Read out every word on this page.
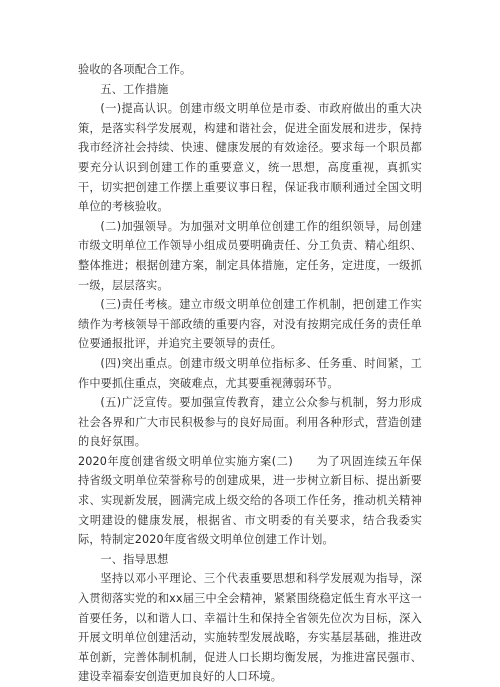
验收的各项配合工作。

五、工作措施

(一)提高认识。创建市级文明单位是市委、市政府做出的重大决策，是落实科学发展观，构建和谐社会，促进全面发展和进步，保持我市经济社会持续、快速、健康发展的有效途径。要求每一个职员都要充分认识到创建工作的重要意义，统一思想，高度重视，真抓实干，切实把创建工作摆上重要议事日程，保证我市顺利通过全国文明单位的考核验收。

(二)加强领导。为加强对文明单位创建工作的组织领导，局创建市级文明单位工作领导小组成员要明确责任、分工负责、精心组织、整体推进；根据创建方案，制定具体措施，定任务，定进度，一级抓一级，层层落实。

(三)责任考核。建立市级文明单位创建工作机制，把创建工作实绩作为考核领导干部政绩的重要内容，对没有按期完成任务的责任单位要通报批评，并追究主要领导的责任。

(四)突出重点。创建市级文明单位指标多、任务重、时间紧，工作中要抓住重点，突破难点，尤其要重视薄弱环节。

(五)广泛宣传。要加强宣传教育，建立公众参与机制，努力形成社会各界和广大市民积极参与的良好局面。利用各种形式，营造创建的良好氛围。

2020年度创建省级文明单位实施方案(二)　　为了巩固连续五年保持省级文明单位荣誉称号的创建成果，进一步树立新目标、提出新要求、实现新发展，圆满完成上级交给的各项工作任务，推动机关精神文明建设的健康发展，根据省、市文明委的有关要求，结合我委实际，特制定2020年度省级文明单位创建工作计划。

一、指导思想

坚持以邓小平理论、三个代表重要思想和科学发展观为指导，深入贯彻落实党的和xx届三中全会精神，紧紧围绕稳定低生育水平这一首要任务，以和谐人口、幸福计生和保持全省领先位次为目标，深入开展文明单位创建活动，实施转型发展战略，夯实基层基础，推进改革创新，完善体制机制，促进人口长期均衡发展，为推进富民强市、建设幸福泰安创造更加良好的人口环境。
